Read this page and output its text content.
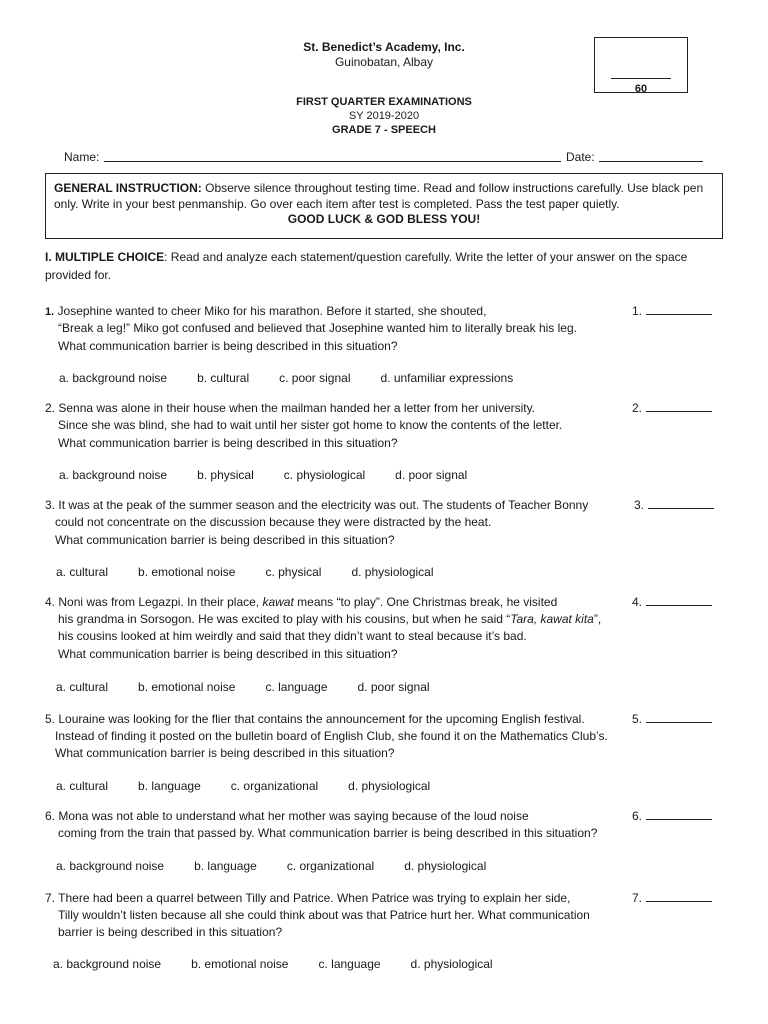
St. Benedict’s Academy, Inc.
Guinobatan, Albay
FIRST QUARTER EXAMINATIONS
SY 2019-2020
GRADE 7 - SPEECH
60
Name:	Date:
GENERAL INSTRUCTION: Observe silence throughout testing time. Read and follow instructions carefully. Use black pen only. Write in your best penmanship. Go over each item after test is completed. Pass the test paper quietly.
GOOD LUCK & GOD BLESS YOU!
I. MULTIPLE CHOICE: Read and analyze each statement/question carefully. Write the letter of your answer on the space
provided for.
1. Josephine wanted to cheer Miko for his marathon. Before it started, she shouted,
“Break a leg!” Miko got confused and believed that Josephine wanted him to literally break his leg.
What communication barrier is being described in this situation?
1.
a. background noise	b. cultural	c. poor signal	d. unfamiliar expressions
2. Senna was alone in their house when the mailman handed her a letter from her university.
Since she was blind, she had to wait until her sister got home to know the contents of the letter.
What communication barrier is being described in this situation?
2.
a. background noise	b. physical	c. physiological	d. poor signal
3. It was at the peak of the summer season and the electricity was out. The students of Teacher Bonny
could not concentrate on the discussion because they were distracted by the heat.
What communication barrier is being described in this situation?
3.
a. cultural	b. emotional noise	c. physical	d. physiological
4. Noni was from Legazpi. In their place, kawat means “to play”. One Christmas break, he visited
his grandma in Sorsogon. He was excited to play with his cousins, but when he said “Tara, kawat kita”,
his cousins looked at him weirdly and said that they didn’t want to steal because it’s bad.
What communication barrier is being described in this situation?
4.
a. cultural	b. emotional noise	c. language	d. poor signal
5. Louraine was looking for the flier that contains the announcement for the upcoming English festival.
Instead of finding it posted on the bulletin board of English Club, she found it on the Mathematics Club’s.
What communication barrier is being described in this situation?
5.
a. cultural	b. language	c. organizational	d. physiological
6. Mona was not able to understand what her mother was saying because of the loud noise
coming from the train that passed by. What communication barrier is being described in this situation?
6.
a. background noise	b. language	c. organizational	d. physiological
7. There had been a quarrel between Tilly and Patrice. When Patrice was trying to explain her side,
Tilly wouldn’t listen because all she could think about was that Patrice hurt her. What communication
barrier is being described in this situation?
7.
a. background noise	b. emotional noise	c. language	d. physiological
